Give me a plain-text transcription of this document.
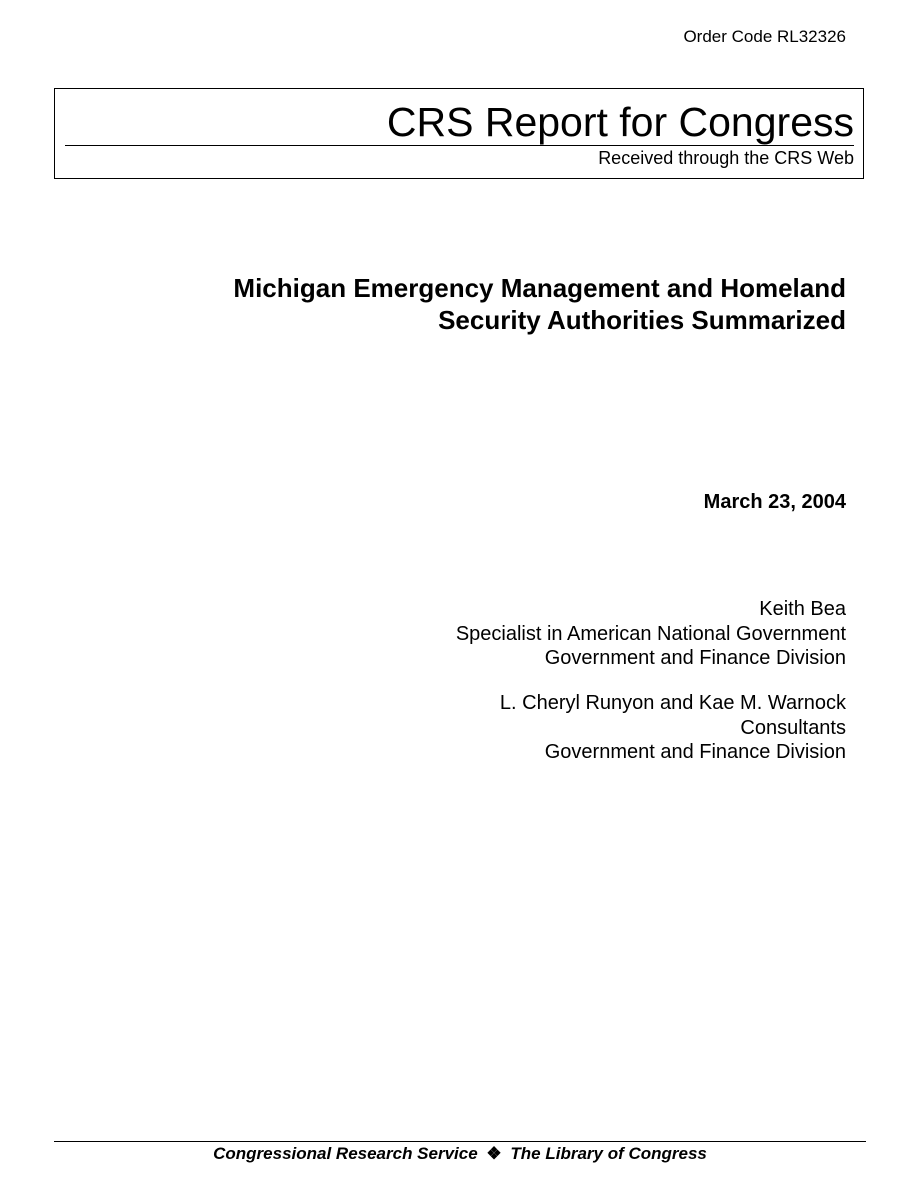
Order Code RL32326
CRS Report for Congress
Received through the CRS Web
Michigan Emergency Management and Homeland Security Authorities Summarized
March 23, 2004
Keith Bea
Specialist in American National Government
Government and Finance Division
L. Cheryl Runyon and Kae M. Warnock
Consultants
Government and Finance Division
Congressional Research Service ❖ The Library of Congress
